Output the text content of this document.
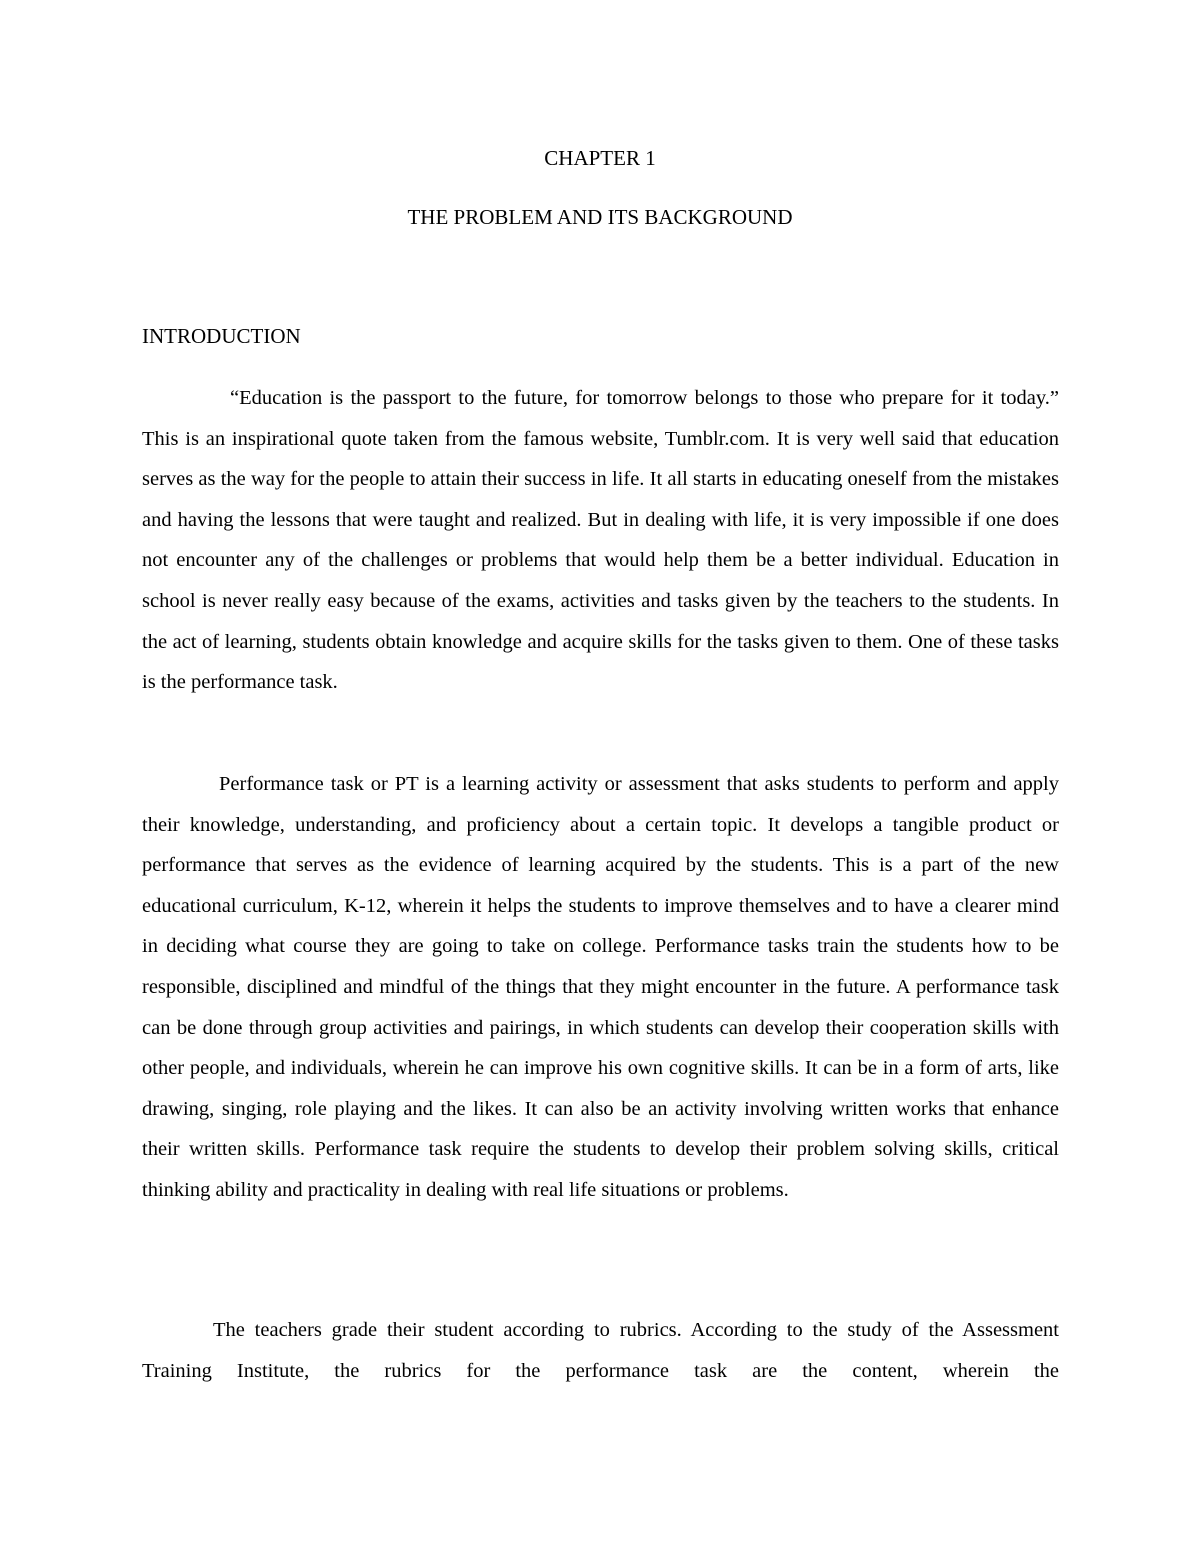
CHAPTER 1
THE PROBLEM AND ITS BACKGROUND
INTRODUCTION

“Education is the passport to the future, for tomorrow belongs to those who prepare for it today.” This is an inspirational quote taken from the famous website, Tumblr.com. It is very well said that education serves as the way for the people to attain their success in life. It all starts in educating oneself from the mistakes and having the lessons that were taught and realized. But in dealing with life, it is very impossible if one does not encounter any of the challenges or problems that would help them be a better individual. Education in school is never really easy because of the exams, activities and tasks given by the teachers to the students. In the act of learning, students obtain knowledge and acquire skills for the tasks given to them. One of these tasks is the performance task.

Performance task or PT is a learning activity or assessment that asks students to perform and apply their knowledge, understanding, and proficiency about a certain topic. It develops a tangible product or performance that serves as the evidence of learning acquired by the students. This is a part of the new educational curriculum, K-12, wherein it helps the students to improve themselves and to have a clearer mind in deciding what course they are going to take on college. Performance tasks train the students how to be responsible, disciplined and mindful of the things that they might encounter in the future. A performance task can be done through group activities and pairings, in which students can develop their cooperation skills with other people, and individuals, wherein he can improve his own cognitive skills. It can be in a form of arts, like drawing, singing, role playing and the likes. It can also be an activity involving written works that enhance their written skills. Performance task require the students to develop their problem solving skills, critical thinking ability and practicality in dealing with real life situations or problems.

The teachers grade their student according to rubrics. According to the study of the Assessment Training Institute, the rubrics for the performance task are the content, wherein the
